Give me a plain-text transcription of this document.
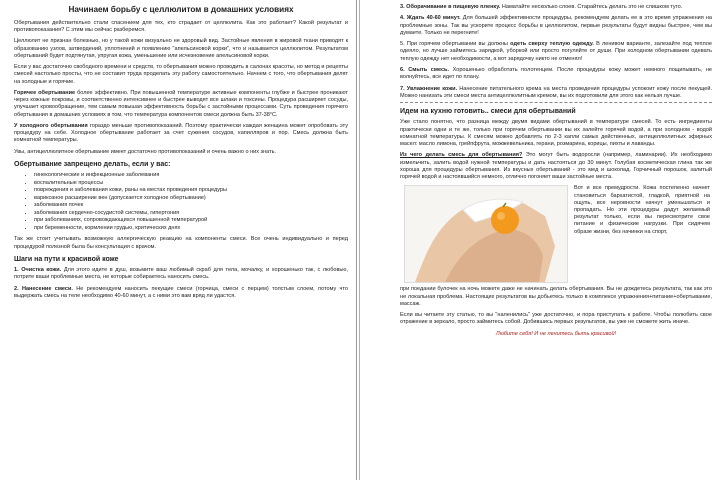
Начинаем борьбу с целлюлитом в домашних условиях

Обертывания действительно стали спасением для тех, кто страдает от целлюлита. Как это работает? Какой результат и противопоказания? С этим мы сейчас разберемся.

Целлюлит не признан болезнью, но у такой кожи визуально не здоровый вид. Застойные явления в жировой ткани приводят к образованию узлов, затвердений, уплотнений и появлению "апельсиновой корки", что и называется целлюлитом. Результатом обертываний будет подтянутая, упругая кожа, уменьшение или исчезновение апельсиновой корки.

Если у вас достаточно свободного времени и средств, то обертывания можно проводить в салонах красоты, но метод и рецепты смесей настолько просты, что не составит труда проделать эту работу самостоятельно. Начнем с того, что обертывания делят на холодные и горячие.

Горячее обертывание более эффективно. При повышенной температуре активные компоненты глубже и быстрее проникают через кожные покровы, и соответственно интенсивнее и быстрее выводят все шлаки и токсины. Процедура расширяет сосуды, улучшает кровообращение, тем самым повышая эффективность борьбы с застойными процессами. Суть проведения горячего обертывания в домашних условиях в том, что температура компонентов смеси должна быть 37-38°С.

У холодного обертывания гораздо меньше противопоказаний. Поэтому практически каждая женщина может опробовать эту процедуру на себе. Холодное обертывание работает за счет сужения сосудов, капилляров и пор. Смесь должна быть комнатной температуры.

Увы, антицеллюлитное обертывание имеет достаточно противопоказаний и очень важно о них знать.

Обертывание запрещено делать, если у вас:
• гинекологические и инфекционные заболевания
• воспалительные процессы
• повреждения и заболевания кожи, раны на местах проведения процедуры
• варикозное расширение вен (допускается холодное обертывание)
• заболевания почек
• заболевания сердечно-сосудистой системы, гипертония
• при заболеваниях, сопровождающихся повышенной температурой
• при беременности, кормлении грудью, критических днях

Так же стоит учитывать возможную аллергическую реакцию на компоненты смеси. Все очень индивидуально и перед процедурой полезной была бы консультация с врачом.

Шаги на пути к красивой коже

1. Очистка кожи. Для этого идите в душ, возьмите ваш любимый скраб для тела, мочалку, и хорошенько так, с любовью, потрите ваши проблемные места, не которые собираетесь наносить смесь.

2. Нанесение смеси. Не рекомендуем наносить пекущие смеси (горчица, смеси с перцем) толстым слоем, потому что выдержать смесь на теле необходимо 40-60 минут, а с ними это вам вряд ли удастся.

3. Оборачивание в пищевую пленку. Наматайте несколько слоев. Старайтесь делать это не слишком туго.

4. Ждать 40-60 минут. Для большей эффективности процедуры, рекомендуем делать ее в это время упражнения на проблемные зоны. Так вы ускорите процесс борьбы в целлюлитом, первые результаты будут видны быстрее, чем вы думаете. Только не перегните!

5. При горячем обертывании вы должны одеть сверху теплую одежду. В ленивом варианте, залезайте под теплое одеяло, но лучше займитесь зарядкой, уборкой или просто погуляйте от души. При холодном обертывании одевать теплую одежду нет необходимости, а вот зарядочку никто не отменял!

6. Смыть смесь. Хорошенько обработать полотенцем. После процедуры кожу может немного пощипывать, не волнуйтесь, все идет по плану.

7. Увлажнение кожи. Нанесение питательного крема на места проведения процедуры успокоит кожу после пекущей. Можно нанизать эти смеси места антицеллюлитным кремом, вы их подготовили для этого как нельзя лучше.

Идем на кухню готовить.. смеси для обертываний

Уже стало понятно, что разница между двумя видами обертываний в температуре смесей. То есть ингредиенты практически одни и те же, только при горячем обертывании вы их залейте горячей водой, а при холодном - водой комнатной температуры. К смесям можно добавлять по 2-3 капли самых действенных, антицеллюлитных эфирных масел: масло лимона, грейпфрута, можжевельника, герани, розмарина, корицы, пихты и лаванды.

Из чего делать смесь для обертывания? Это могут быть водоросли (например, ламинарии). Их необходимо измельчить, залить водой нужной температуры и дать настояться до 30 минут. Голубая косметическая глина так же хороша для процедуры обертывания. Из вкусных обертываний - это мед и шоколад. Горчичный порошок, залитый горячей водой и настоявшийся немного, отлично погоняет ваши застойные места.

Вот и все премудрости. Кожа постепенно начнет становиться бархатистой, гладкой, приятной на ощупь, все неровности начнут уменьшаться и пропадать. Но эти процедуры дадут желаемый результат только, если вы пересмотрите свое питание и физические нагрузки. При сидячем образе жизни, без начинки на спорт,

при поедании булочек на ночь можете даже не начинать делать обертывания. Вы не дождетесь результата, так как это не локальная проблема. Настоящих результатов вы добьетесь только в комплексе упражнения+питание+обертывание, массаж.

Если вы читаете эту статью, то вы "наленились" уже достаточно, и пора приступать к работе. Чтобы полюбить свое отражение в зеркало, просто займитесь собой. Добившись первых результатов, вы уже не сможете жить иначе.

Любите себя! И не ленитесь быть красивой!
